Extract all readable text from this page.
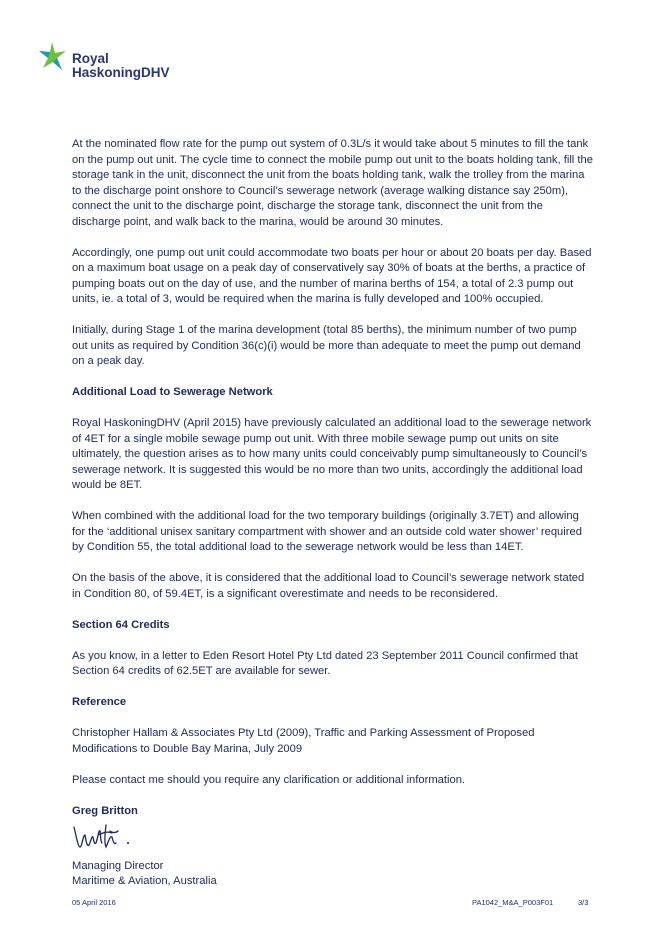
Royal
HaskoningDHV

At the nominated flow rate for the pump out system of 0.3L/s it would take about 5 minutes to fill the tank on the pump out unit. The cycle time to connect the mobile pump out unit to the boats holding tank, fill the storage tank in the unit, disconnect the unit from the boats holding tank, walk the trolley from the marina to the discharge point onshore to Council’s sewerage network (average walking distance say 250m), connect the unit to the discharge point, discharge the storage tank, disconnect the unit from the discharge point, and walk back to the marina, would be around 30 minutes.

Accordingly, one pump out unit could accommodate two boats per hour or about 20 boats per day. Based on a maximum boat usage on a peak day of conservatively say 30% of boats at the berths, a practice of pumping boats out on the day of use, and the number of marina berths of 154, a total of 2.3 pump out units, ie. a total of 3, would be required when the marina is fully developed and 100% occupied.

Initially, during Stage 1 of the marina development (total 85 berths), the minimum number of two pump out units as required by Condition 36(c)(i) would be more than adequate to meet the pump out demand on a peak day.

Additional Load to Sewerage Network

Royal HaskoningDHV (April 2015) have previously calculated an additional load to the sewerage network of 4ET for a single mobile sewage pump out unit. With three mobile sewage pump out units on site ultimately, the question arises as to how many units could conceivably pump simultaneously to Council’s sewerage network. It is suggested this would be no more than two units, accordingly the additional load would be 8ET.

When combined with the additional load for the two temporary buildings (originally 3.7ET) and allowing for the ‘additional unisex sanitary compartment with shower and an outside cold water shower’ required by Condition 55, the total additional load to the sewerage network would be less than 14ET.

On the basis of the above, it is considered that the additional load to Council’s sewerage network stated in Condition 80, of 59.4ET, is a significant overestimate and needs to be reconsidered.

Section 64 Credits

As you know, in a letter to Eden Resort Hotel Pty Ltd dated 23 September 2011 Council confirmed that Section 64 credits of 62.5ET are available for sewer.

Reference

Christopher Hallam & Associates Pty Ltd (2009), Traffic and Parking Assessment of Proposed Modifications to Double Bay Marina, July 2009

Please contact me should you require any clarification or additional information.

Greg Britton

Managing Director
Maritime & Aviation, Australia
05 April 2016	PA1042_M&A_P003F01	3/3
